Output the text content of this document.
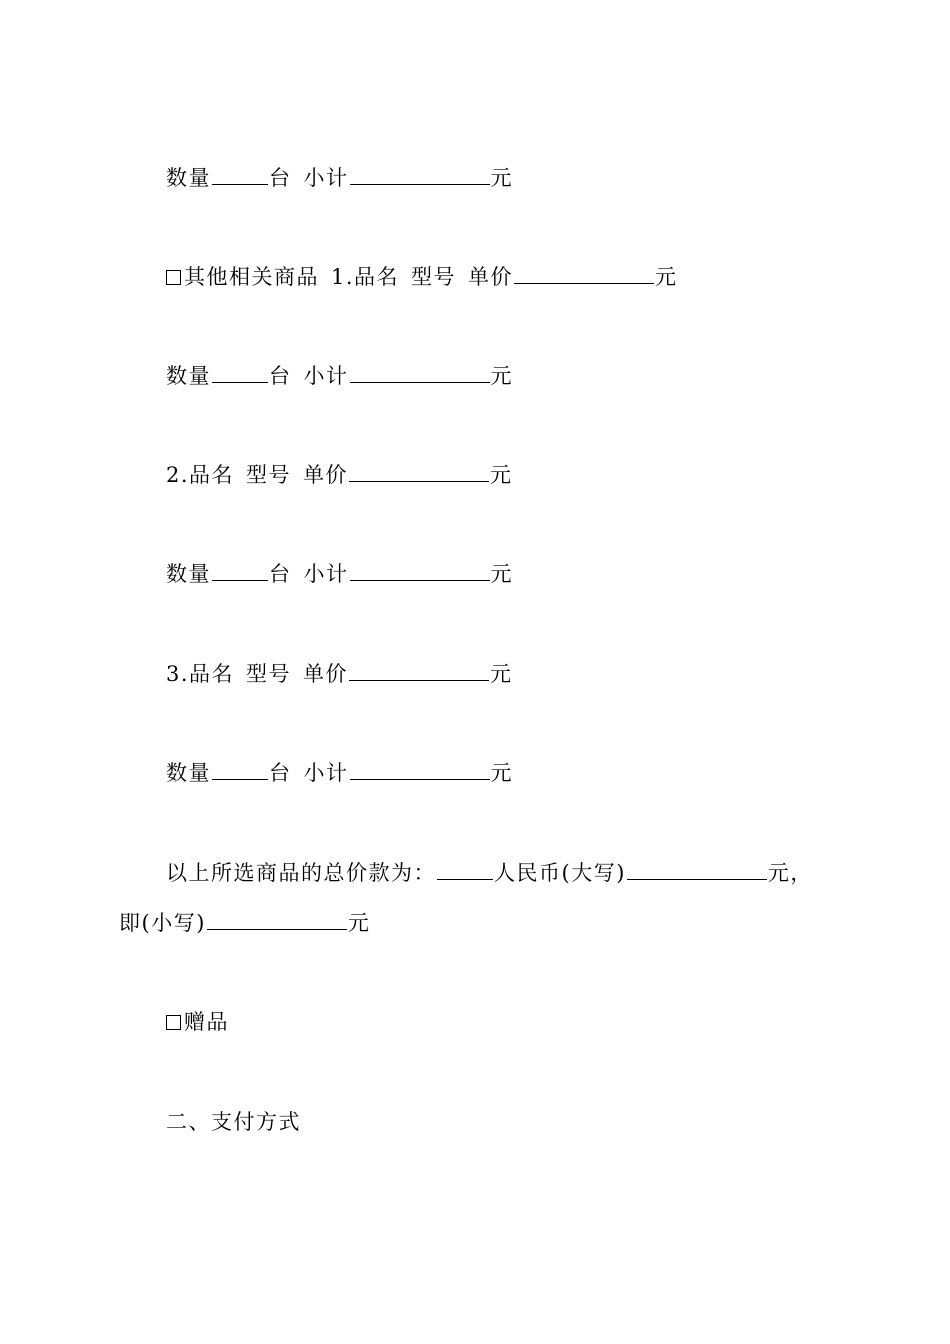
数量	台 小计	元
其他相关商品 1.品名 型号 单价	元
数量	台 小计	元
2.品名 型号 单价	元
数量	台 小计	元
3.品名 型号 单价	元
数量	台 小计	元
以上所选商品的总价款为：	人民币(大写)	元，
即(小写)	元
赠品
二、支付方式
